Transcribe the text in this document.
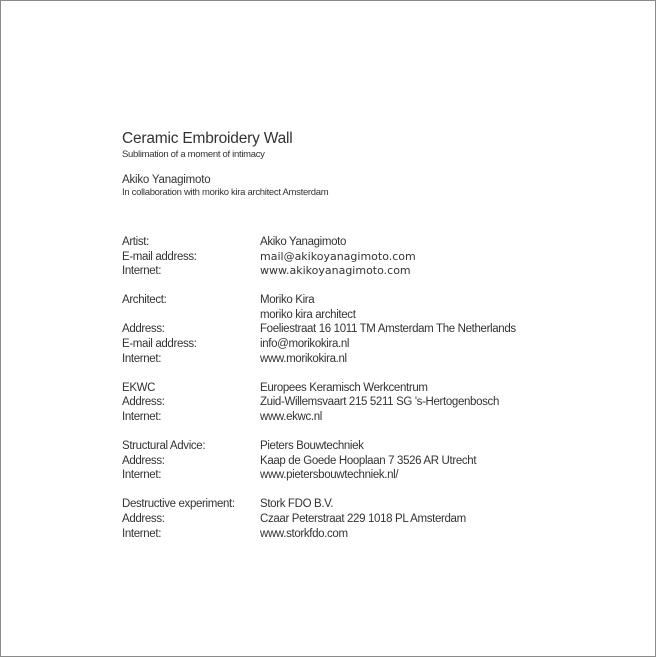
Ceramic Embroidery Wall
Sublimation of a moment of intimacy
Akiko Yanagimoto
In collaboration with moriko kira architect Amsterdam
Artist:	Akiko Yanagimoto
E-mail address:	mail@akikoyanagimoto.com
Internet:	www.akikoyanagimoto.com
Architect:	Moriko Kira
moriko kira architect
Address:	Foeliestraat 16 1011 TM Amsterdam The Netherlands
E-mail address:	info@morikokira.nl
Internet:	www.morikokira.nl
EKWC	Europees Keramisch Werkcentrum
Address:	Zuid-Willemsvaart 215 5211 SG 's-Hertogenbosch
Internet:	www.ekwc.nl
Structural Advice:	Pieters Bouwtechniek
Address:	Kaap de Goede Hooplaan 7 3526 AR Utrecht
Internet:	www.pietersbouwtechniek.nl/
Destructive experiment:	Stork FDO B.V.
Address:	Czaar Peterstraat 229 1018 PL Amsterdam
Internet:	www.storkfdo.com
